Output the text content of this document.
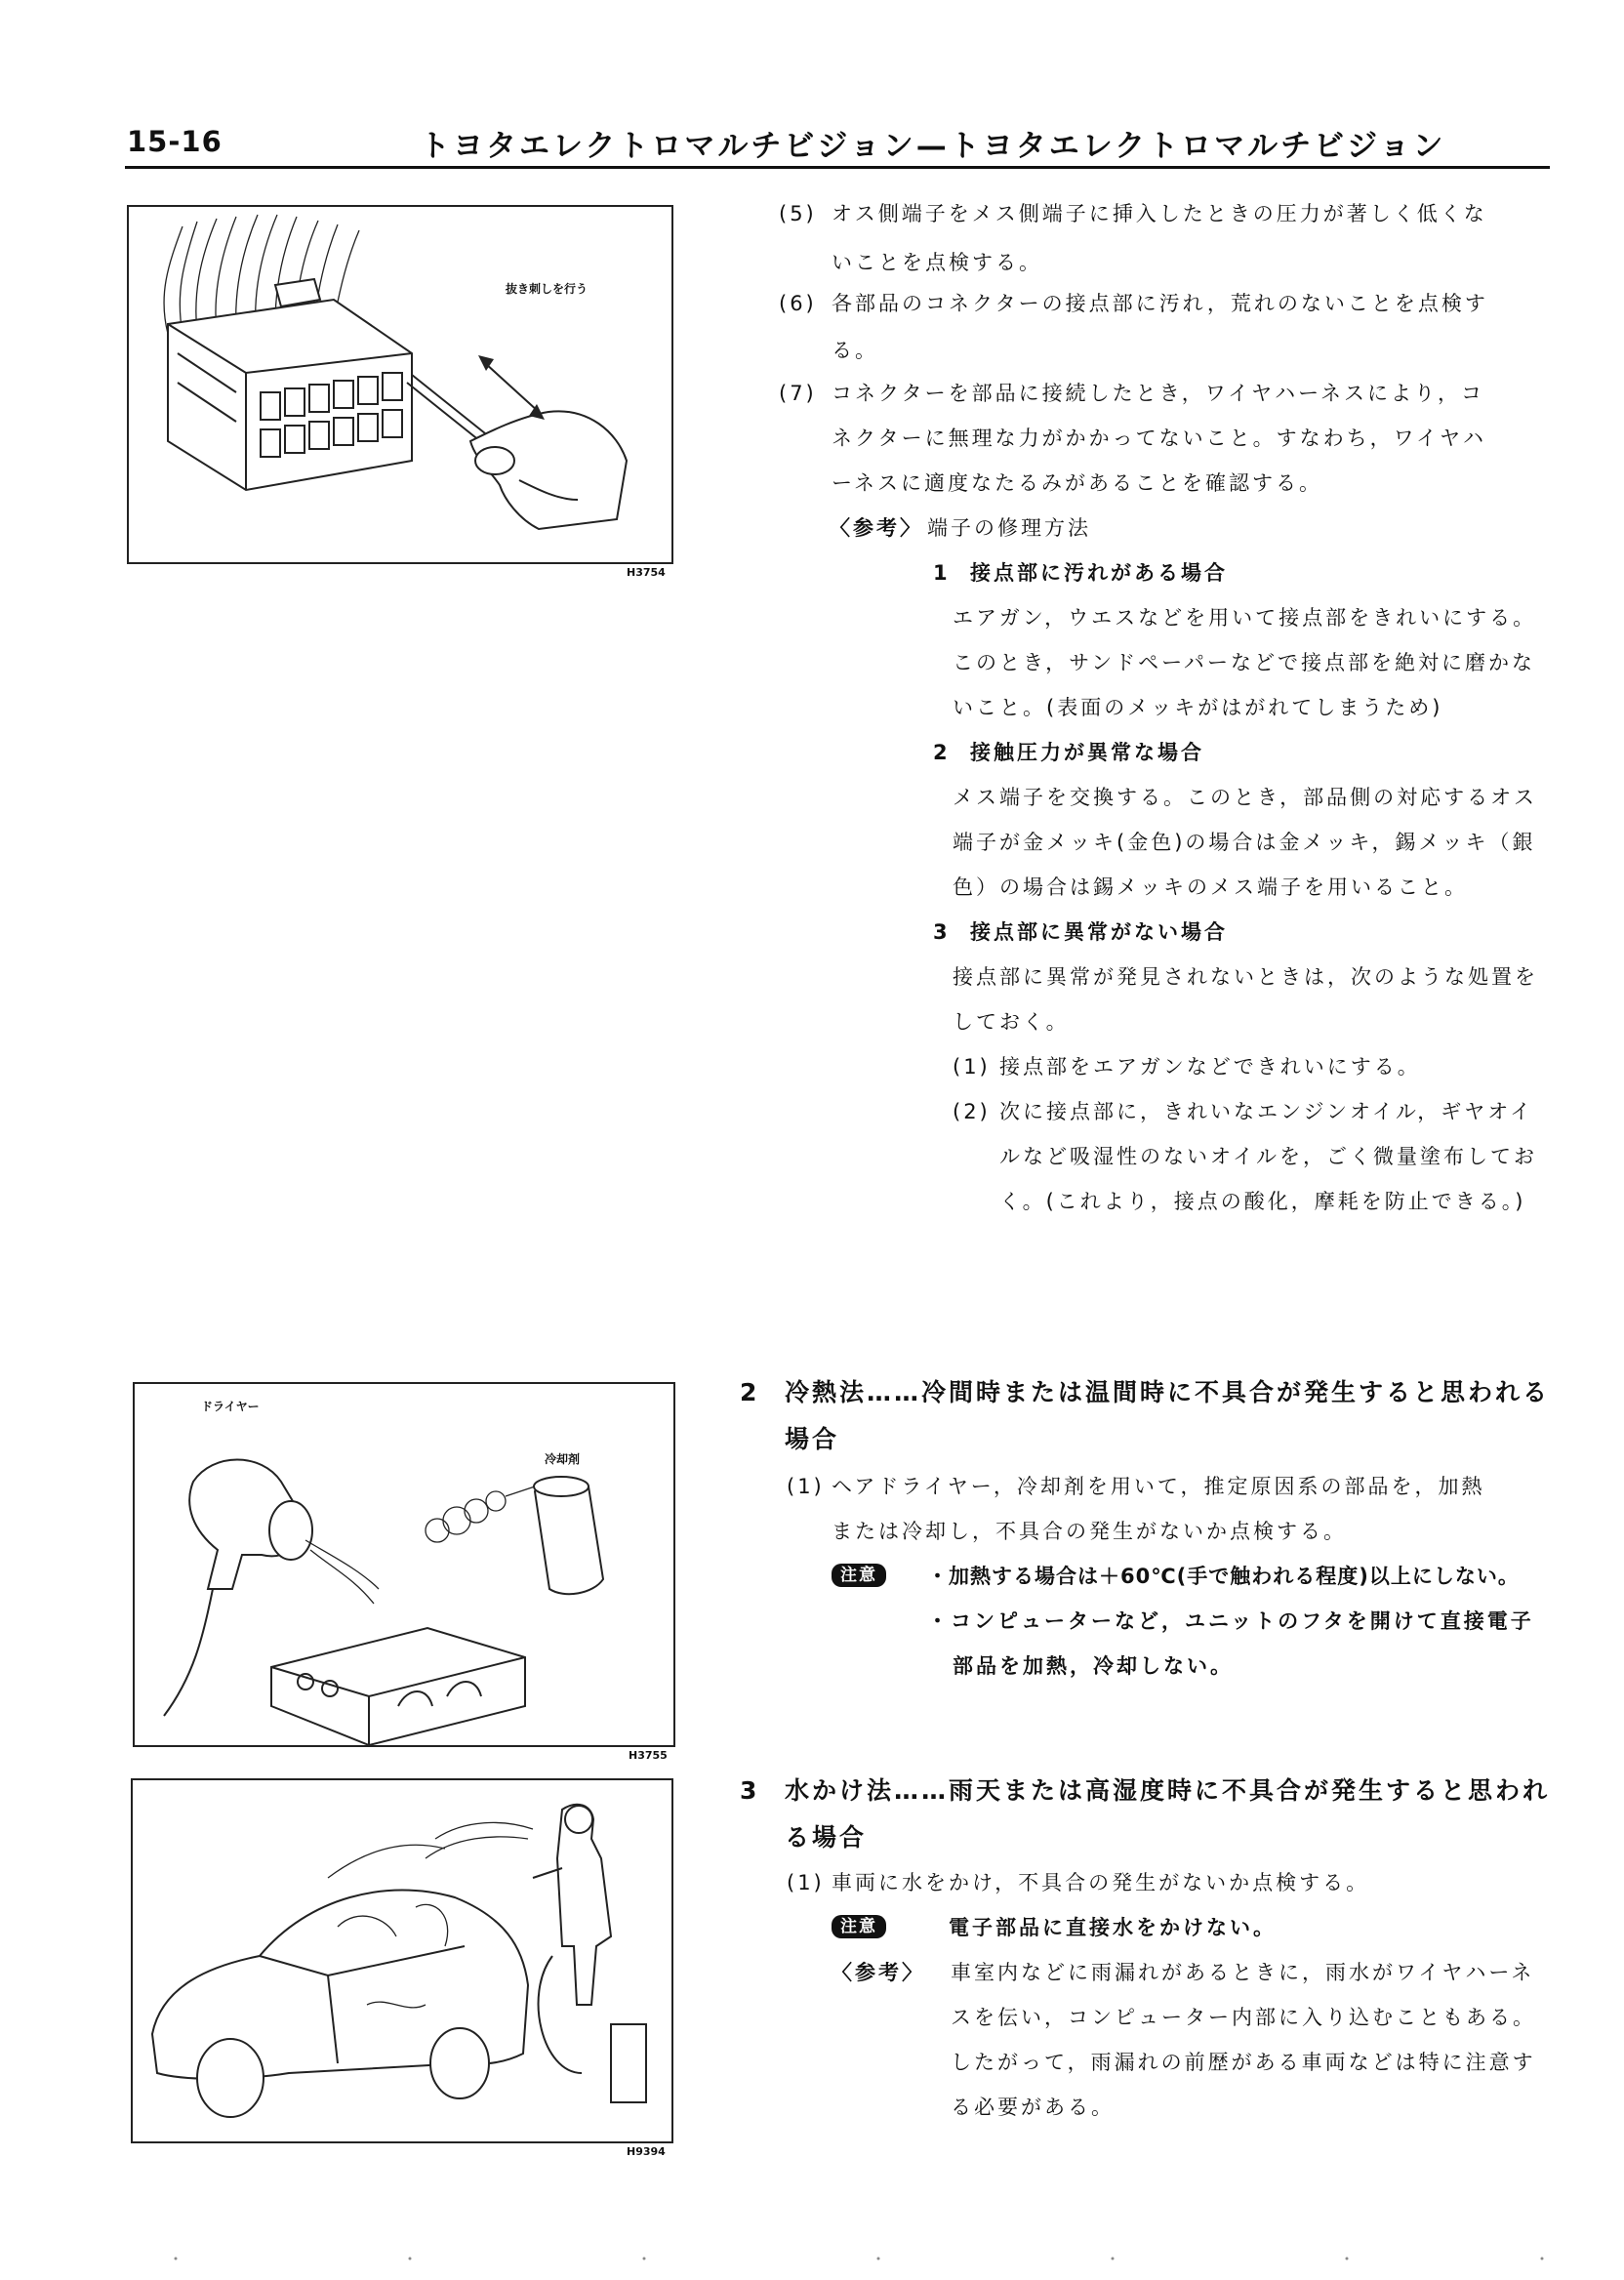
15-16	トヨタエレクトロマルチビジョン—トヨタエレクトロマルチビジョン
抜き刺しを行う
H3754
(5) オス側端子をメス側端子に挿入したときの圧力が著しく低くな
いことを点検する。
(6) 各部品のコネクターの接点部に汚れ，荒れのないことを点検す
る。
(7) コネクターを部品に接続したとき，ワイヤハーネスにより，コ
ネクターに無理な力がかかってないこと。すなわち，ワイヤハ
ーネスに適度なたるみがあることを確認する。
〈参考〉 端子の修理方法
1 接点部に汚れがある場合
エアガン，ウエスなどを用いて接点部をきれいにする。
このとき，サンドペーパーなどで接点部を絶対に磨かな
いこと。(表面のメッキがはがれてしまうため)
2 接触圧力が異常な場合
メス端子を交換する。このとき，部品側の対応するオス
端子が金メッキ(金色)の場合は金メッキ，錫メッキ（銀
色）の場合は錫メッキのメス端子を用いること。
3 接点部に異常がない場合
接点部に異常が発見されないときは，次のような処置を
しておく。
(1) 接点部をエアガンなどできれいにする。
(2) 次に接点部に，きれいなエンジンオイル，ギヤオイ
ルなど吸湿性のないオイルを，ごく微量塗布してお
く。(これより，接点の酸化，摩耗を防止できる。)
ドライヤー
冷却剤
H3755
2 冷熱法……冷間時または温間時に不具合が発生すると思われる
場合
(1) ヘアドライヤー，冷却剤を用いて，推定原因系の部品を，加熱
または冷却し，不具合の発生がないか点検する。
注意	・加熱する場合は＋60℃(手で触われる程度)以上にしない。
・コンピューターなど，ユニットのフタを開けて直接電子
部品を加熱，冷却しない。
H9394
3 水かけ法……雨天または高湿度時に不具合が発生すると思われ
る場合
(1) 車両に水をかけ，不具合の発生がないか点検する。
注意	電子部品に直接水をかけない。
〈参考〉 車室内などに雨漏れがあるときに，雨水がワイヤハーネ
スを伝い，コンピューター内部に入り込むこともある。
したがって，雨漏れの前歴がある車両などは特に注意す
る必要がある。
